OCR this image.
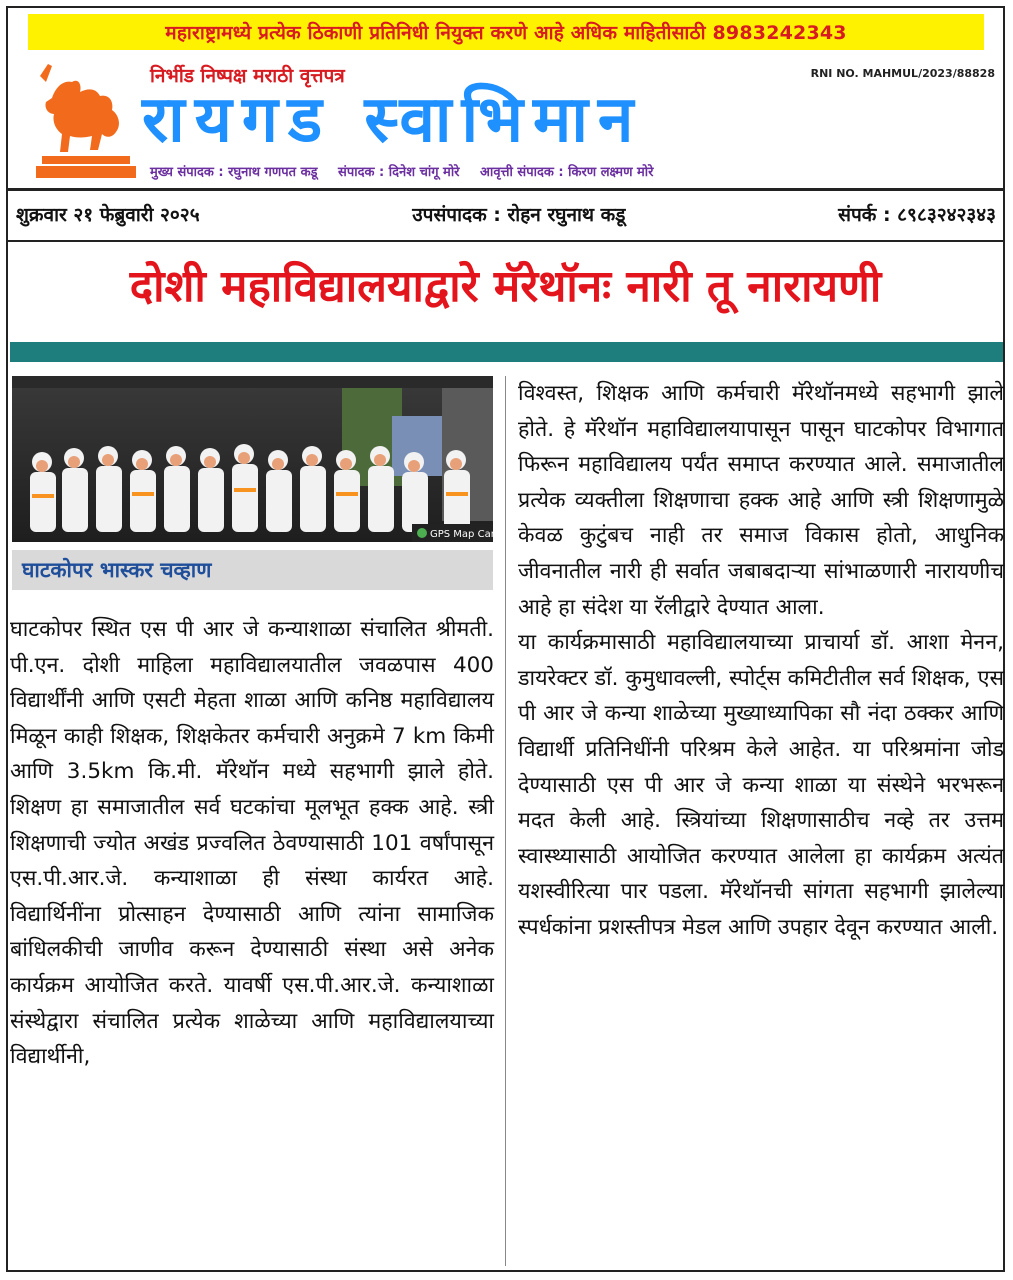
महाराष्ट्रामध्ये प्रत्येक ठिकाणी प्रतिनिधी नियुक्त करणे आहे अधिक माहितीसाठी 8983242343
निर्भीड निष्पक्ष मराठी वृत्तपत्र	RNI NO. MAHMUL/2023/88828
रायगड स्वाभिमान
मुख्य संपादक : रघुनाथ गणपत कडू संपादक : दिनेश चांगू मोरे आवृत्ती संपादक : किरण लक्ष्मण मोरे
शुक्रवार २१ फेब्रुवारी २०२५	उपसंपादक : रोहन रघुनाथ कडू	संपर्क : ८९८३२४२३४३
दोशी महाविद्यालयाद्वारे मॅरेथॉनः नारी तू नारायणी
GPS Map Cam
घाटकोपर भास्कर चव्हाण

घाटकोपर स्थित एस पी आर जे कन्याशाळा संचालित श्रीमती. पी.एन. दोशी माहिला महाविद्यालयातील जवळपास 400 विद्यार्थींनी आणि एसटी मेहता शाळा आणि कनिष्ठ महाविद्यालय मिळून काही शिक्षक, शिक्षकेतर कर्मचारी अनुक्रमे 7 km किमी आणि 3.5km कि.मी. मॅरेथॉन मध्ये सहभागी झाले होते. शिक्षण हा समाजातील सर्व घटकांचा मूलभूत हक्क आहे. स्त्री शिक्षणाची ज्योत अखंड प्रज्वलित ठेवण्यासाठी 101 वर्षांपासून एस.पी.आर.जे. कन्याशाळा ही संस्था कार्यरत आहे. विद्यार्थिनींना प्रोत्साहन देण्यासाठी आणि त्यांना सामाजिक बांधिलकीची जाणीव करून देण्यासाठी संस्था असे अनेक कार्यक्रम आयोजित करते. यावर्षी एस.पी.आर.जे. कन्याशाळा संस्थेद्वारा संचालित प्रत्येक शाळेच्या आणि महाविद्यालयाच्या विद्यार्थीनी,

विश्वस्त, शिक्षक आणि कर्मचारी मॅरेथॉनमध्ये सहभागी झाले होते. हे मॅरेथॉन महाविद्यालयापासून पासून घाटकोपर विभागात फिरून महाविद्यालय पर्यंत समाप्त करण्यात आले. समाजातील प्रत्येक व्यक्तीला शिक्षणाचा हक्क आहे आणि स्त्री शिक्षणामुळे केवळ कुटुंबच नाही तर समाज विकास होतो, आधुनिक जीवनातील नारी ही सर्वात जबाबदाऱ्या सांभाळणारी नारायणीच आहे हा संदेश या रॅलीद्वारे देण्यात आला.

या कार्यक्रमासाठी महाविद्यालयाच्या प्राचार्या डॉ. आशा मेनन, डायरेक्टर डॉ. कुमुधावल्ली, स्पोर्ट्स कमिटीतील सर्व शिक्षक, एस पी आर जे कन्या शाळेच्या मुख्याध्यापिका सौ नंदा ठक्कर आणि विद्यार्थी प्रतिनिधींनी परिश्रम केले आहेत. या परिश्रमांना जोड देण्यासाठी एस पी आर जे कन्या शाळा या संस्थेने भरभरून मदत केली आहे. स्त्रियांच्या शिक्षणासाठीच नव्हे तर उत्तम स्वास्थ्यासाठी आयोजित करण्यात आलेला हा कार्यक्रम अत्यंत यशस्वीरित्या पार पडला. मॅरेथॉनची सांगता सहभागी झालेल्या स्पर्धकांना प्रशस्तीपत्र मेडल आणि उपहार देवून करण्यात आली.
